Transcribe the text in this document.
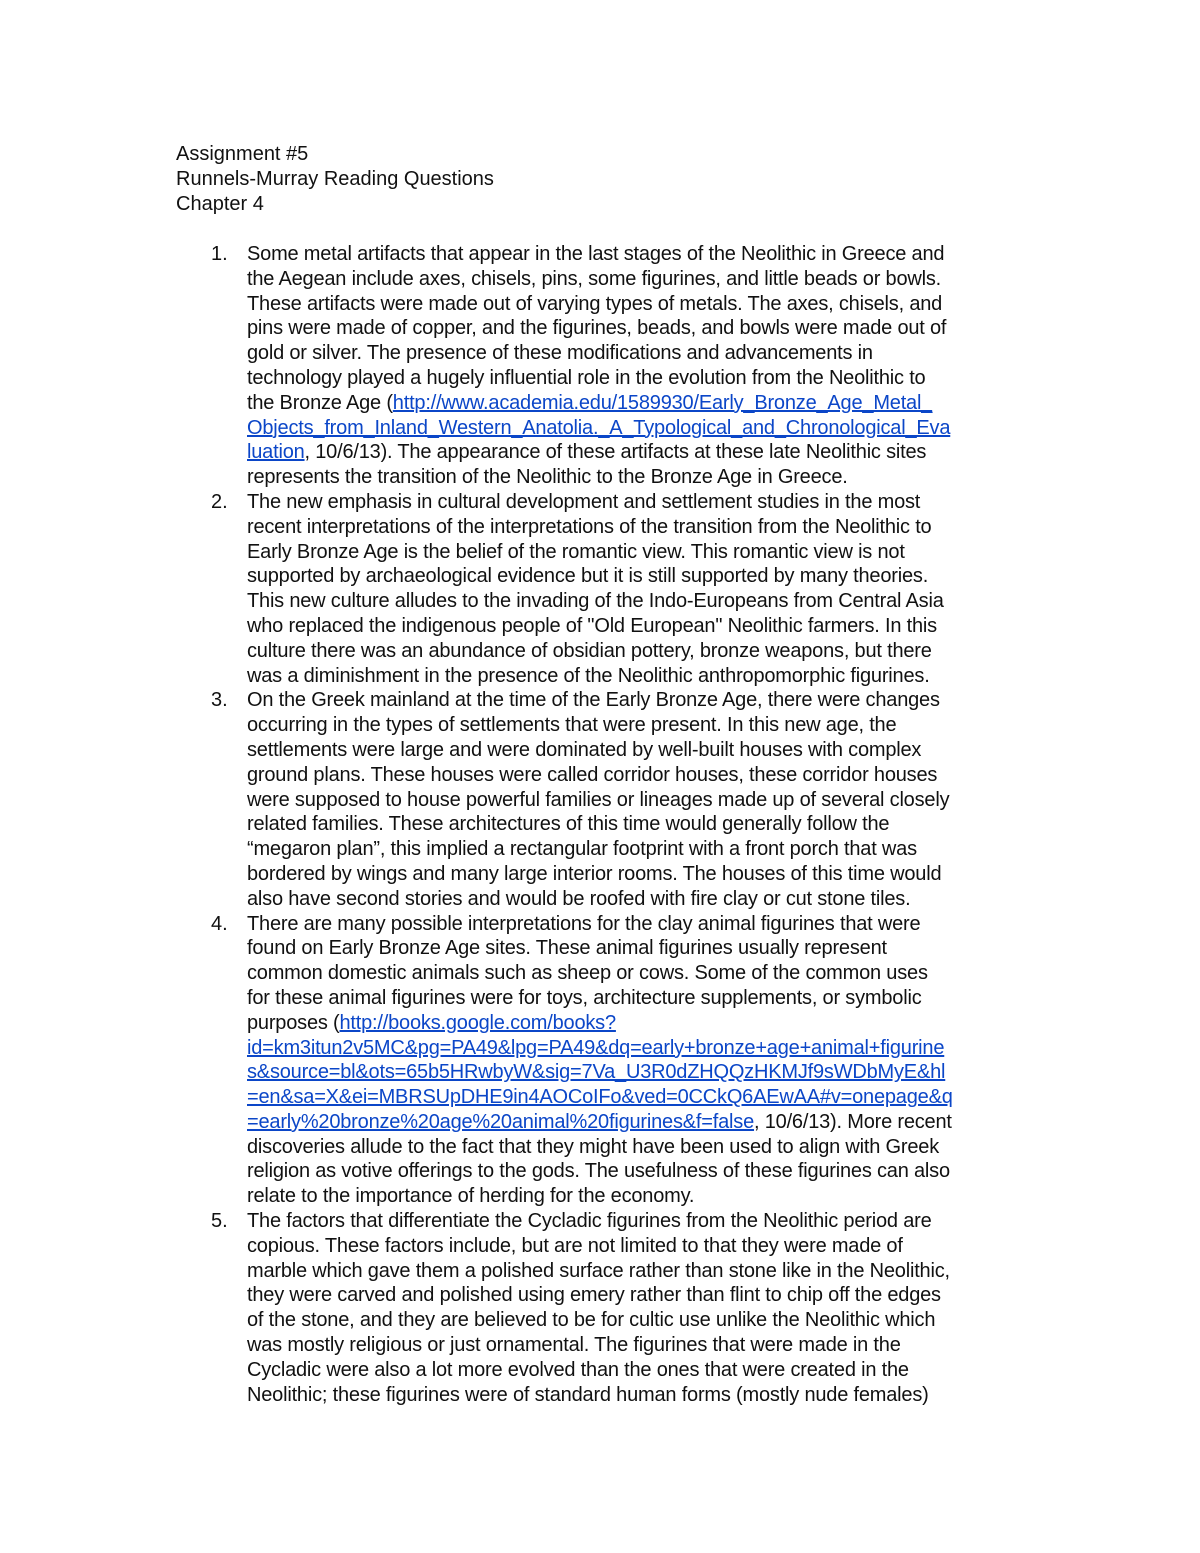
Assignment #5
Runnels-Murray Reading Questions
Chapter 4
1. Some metal artifacts that appear in the last stages of the Neolithic in Greece and
the Aegean include axes, chisels, pins, some figurines, and little beads or bowls.
These artifacts were made out of varying types of metals. The axes, chisels, and
pins were made of copper, and the figurines, beads, and bowls were made out of
gold or silver. The presence of these modifications and advancements in
technology played a hugely influential role in the evolution from the Neolithic to
the Bronze Age (http://www.academia.edu/1589930/Early_Bronze_Age_Metal_
Objects_from_Inland_Western_Anatolia._A_Typological_and_Chronological_Eva
luation, 10/6/13). The appearance of these artifacts at these late Neolithic sites
represents the transition of the Neolithic to the Bronze Age in Greece.
2. The new emphasis in cultural development and settlement studies in the most
recent interpretations of the interpretations of the transition from the Neolithic to
Early Bronze Age is the belief of the romantic view. This romantic view is not
supported by archaeological evidence but it is still supported by many theories.
This new culture alludes to the invading of the Indo-Europeans from Central Asia
who replaced the indigenous people of "Old European" Neolithic farmers. In this
culture there was an abundance of obsidian pottery, bronze weapons, but there
was a diminishment in the presence of the Neolithic anthropomorphic figurines.
3. On the Greek mainland at the time of the Early Bronze Age, there were changes
occurring in the types of settlements that were present. In this new age, the
settlements were large and were dominated by well-built houses with complex
ground plans. These houses were called corridor houses, these corridor houses
were supposed to house powerful families or lineages made up of several closely
related families. These architectures of this time would generally follow the
“megaron plan”, this implied a rectangular footprint with a front porch that was
bordered by wings and many large interior rooms. The houses of this time would
also have second stories and would be roofed with fire clay or cut stone tiles.
4. There are many possible interpretations for the clay animal figurines that were
found on Early Bronze Age sites. These animal figurines usually represent
common domestic animals such as sheep or cows. Some of the common uses
for these animal figurines were for toys, architecture supplements, or symbolic
purposes (http://books.google.com/books?
id=km3itun2v5MC&pg=PA49&lpg=PA49&dq=early+bronze+age+animal+figurine
s&source=bl&ots=65b5HRwbyW&sig=7Va_U3R0dZHQQzHKMJf9sWDbMyE&hl
=en&sa=X&ei=MBRSUpDHE9in4AOCoIFo&ved=0CCkQ6AEwAA#v=onepage&q
=early%20bronze%20age%20animal%20figurines&f=false, 10/6/13). More recent
discoveries allude to the fact that they might have been used to align with Greek
religion as votive offerings to the gods. The usefulness of these figurines can also
relate to the importance of herding for the economy.
5. The factors that differentiate the Cycladic figurines from the Neolithic period are
copious. These factors include, but are not limited to that they were made of
marble which gave them a polished surface rather than stone like in the Neolithic,
they were carved and polished using emery rather than flint to chip off the edges
of the stone, and they are believed to be for cultic use unlike the Neolithic which
was mostly religious or just ornamental. The figurines that were made in the
Cycladic were also a lot more evolved than the ones that were created in the
Neolithic; these figurines were of standard human forms (mostly nude females)
